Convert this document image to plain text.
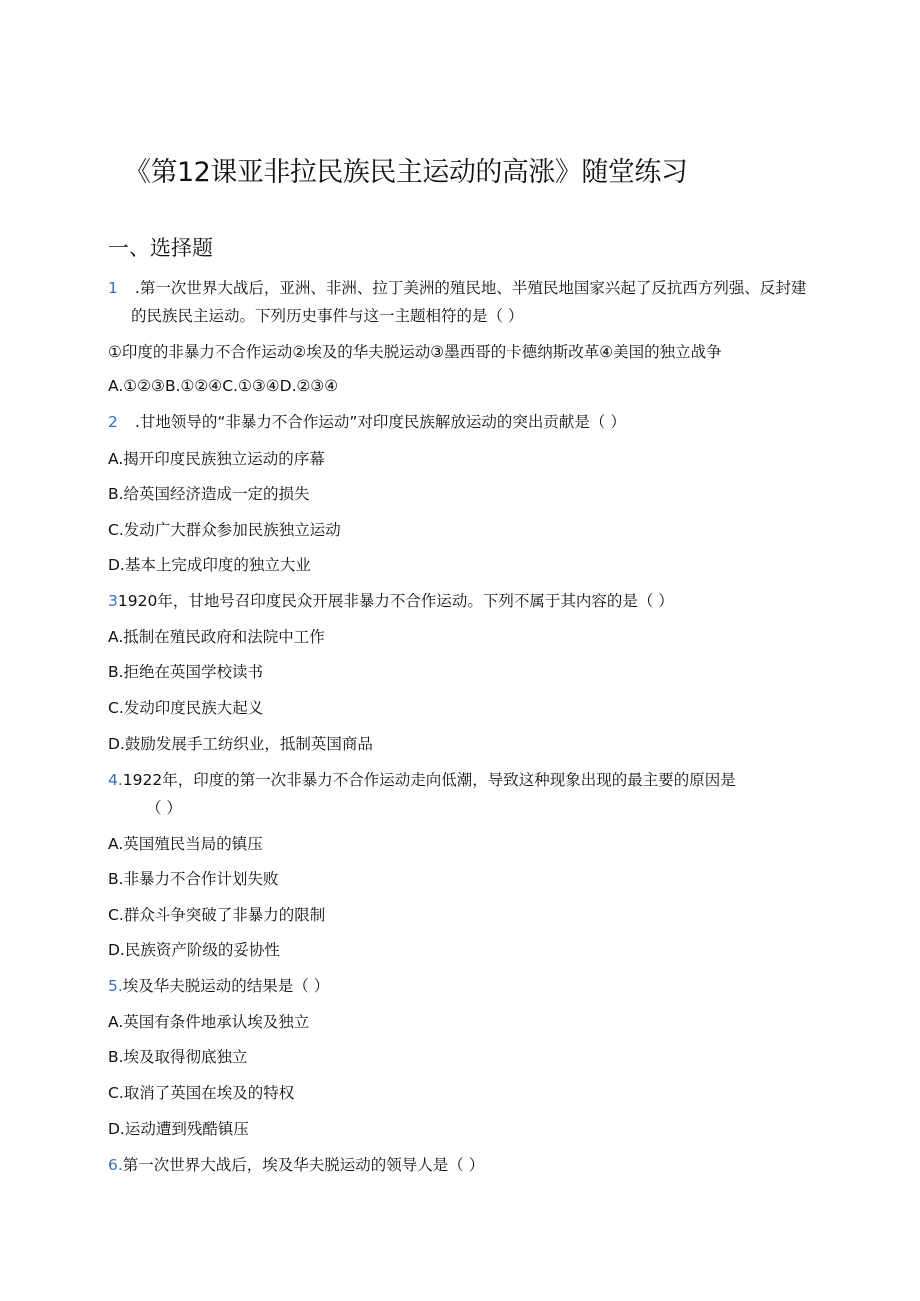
《第12课亚非拉民族民主运动的高涨》随堂练习
一、选择题
1 .第一次世界大战后，亚洲、非洲、拉丁美洲的殖民地、半殖民地国家兴起了反抗西方列强、反封建
的民族民主运动。下列历史事件与这一主题相符的是（ ）
①印度的非暴力不合作运动②埃及的华夫脱运动③墨西哥的卡德纳斯改革④美国的独立战争
A.①②③B.①②④C.①③④D.②③④
2 .甘地领导的“非暴力不合作运动”对印度民族解放运动的突出贡献是（ ）
A.揭开印度民族独立运动的序幕
B.给英国经济造成一定的损失
C.发动广大群众参加民族独立运动
D.基本上完成印度的独立大业
31920年，甘地号召印度民众开展非暴力不合作运动。下列不属于其内容的是（ ）
A.抵制在殖民政府和法院中工作
B.拒绝在英国学校读书
C.发动印度民族大起义
D.鼓励发展手工纺织业，抵制英国商品
4.1922年，印度的第一次非暴力不合作运动走向低潮，导致这种现象出现的最主要的原因是
（ ）
A.英国殖民当局的镇压
B.非暴力不合作计划失败
C.群众斗争突破了非暴力的限制
D.民族资产阶级的妥协性
5.埃及华夫脱运动的结果是（ ）
A.英国有条件地承认埃及独立
B.埃及取得彻底独立
C.取消了英国在埃及的特权
D.运动遭到残酷镇压
6.第一次世界大战后，埃及华夫脱运动的领导人是（ ）
